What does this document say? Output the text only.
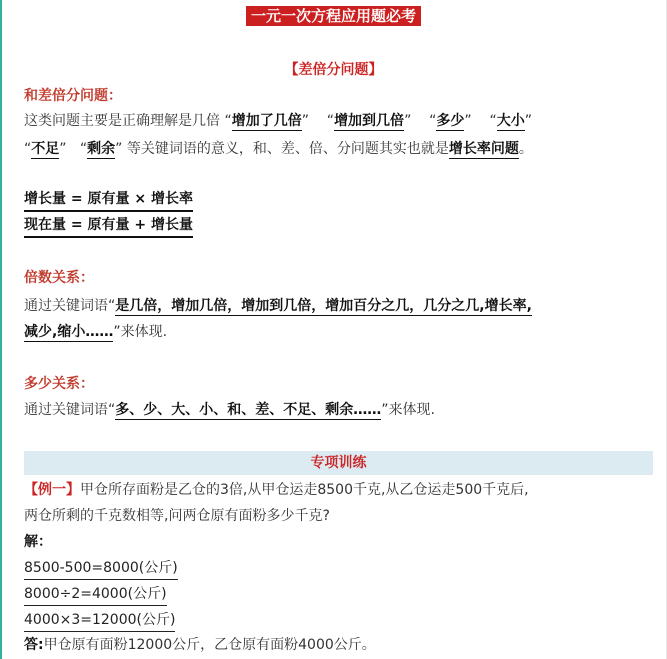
一元一次方程应用题必考
【差倍分问题】
和差倍分问题：
这类问题主要是正确理解是几倍 “增加了几倍” “增加到几倍” “多少” “大小”
“不足” “剩余” 等关键词语的意义，和、差、倍、分问题其实也就是增长率问题。
增长量 = 原有量 × 增长率
现在量 = 原有量 + 增长量
倍数关系：
通过关键词语“是几倍，增加几倍，增加到几倍，增加百分之几，几分之几,增长率,
减少,缩小……”来体现.
多少关系：
通过关键词语“多、少、大、小、和、差、不足、剩余……”来体现.
专项训练
【例一】甲仓所存面粉是乙仓的3倍,从甲仓运走8500千克,从乙仓运走500千克后,
两仓所剩的千克数相等,问两仓原有面粉多少千克?
解：
8500-500=8000(公斤)
8000÷2=4000(公斤)
4000×3=12000(公斤)
答:甲仓原有面粉12000公斤，乙仓原有面粉4000公斤。
